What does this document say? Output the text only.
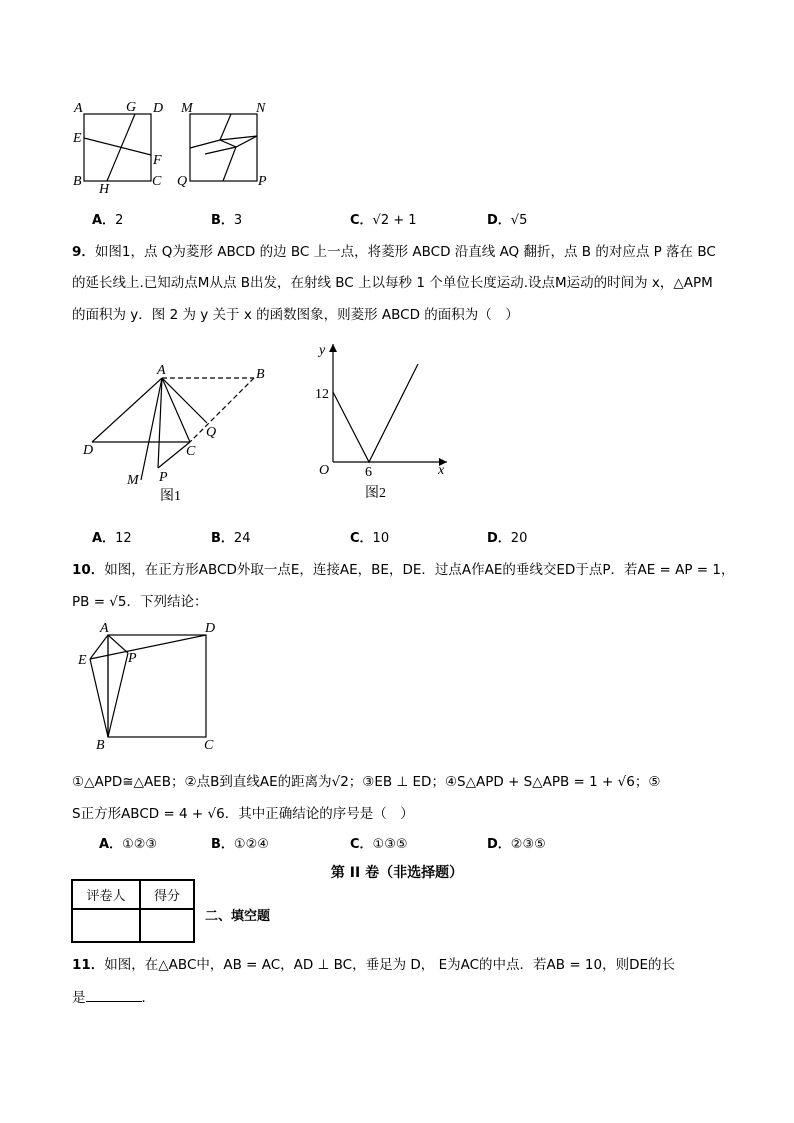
A	G D
E
F
B
H
C
M	N
Q	P
A．2	B．3	C．√2 + 1	D．√5
9．如图1，点 Q为菱形 ABCD 的边 BC 上一点，将菱形 ABCD 沿直线 AQ 翻折，点 B 的对应点 P 落在 BC
的延长线上.已知动点M从点 B出发，在射线 BC 上以每秒 1 个单位长度运动.设点M运动的时间为 x，△APM
的面积为 y．图 2 为 y 关于 x 的函数图象，则菱形 ABCD 的面积为（　）
A	B
D	C
Q
M P
图1
y
x
O
12
6
图2
A．12	B．24	C．10	D．20
10．如图，在正方形ABCD外取一点E，连接AE，BE，DE．过点A作AE的垂线交ED于点P．若AE = AP = 1，
PB = √5．下列结论：
A	D
E	P
B	C
①△APD≅△AEB；②点B到直线AE的距离为√2；③EB ⊥ ED；④S△APD + S△APB = 1 + √6；⑤
S正方形ABCD = 4 + √6．其中正确结论的序号是（　）
A．①②③	B．①②④	C．①③⑤	D．②③⑤
第 II 卷（非选择题）
评卷人	得分

二、填空题
11．如图，在△ABC中，AB = AC，AD ⊥ BC，垂足为 D， E为AC的中点．若AB = 10，则DE的长
是	．
